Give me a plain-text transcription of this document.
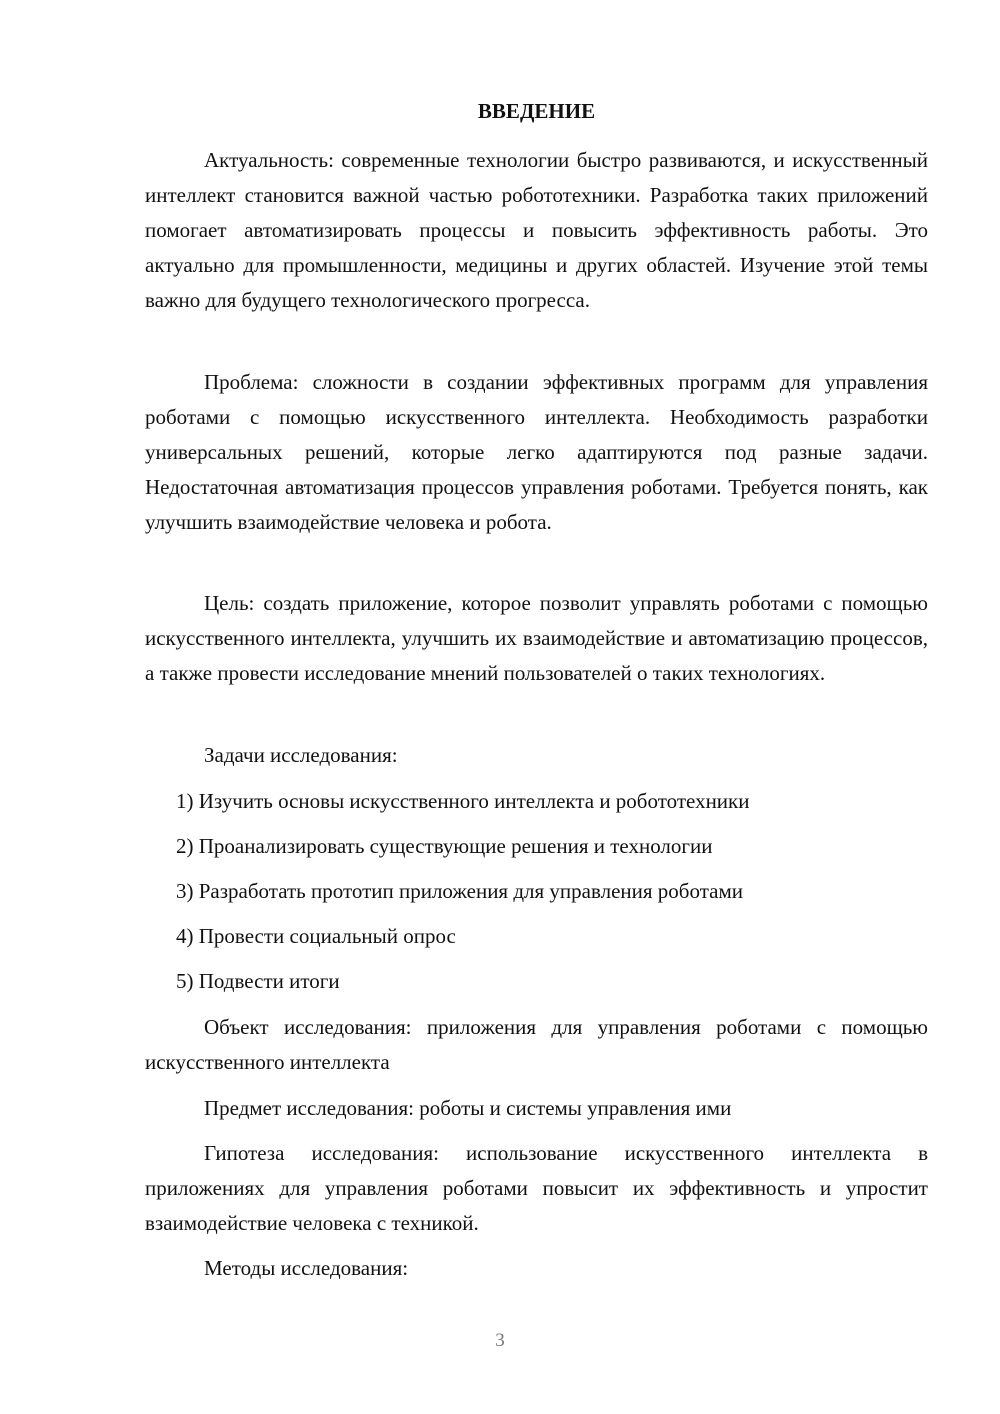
ВВЕДЕНИЕ

Актуальность: современные технологии быстро развиваются, и искусственный интеллект становится важной частью робототехники. Разработка таких приложений помогает автоматизировать процессы и повысить эффективность работы. Это актуально для промышленности, медицины и других областей. Изучение этой темы важно для будущего технологического прогресса.

Проблема: сложности в создании эффективных программ для управления роботами с помощью искусственного интеллекта. Необходимость разработки универсальных решений, которые легко адаптируются под разные задачи. Недостаточная автоматизация процессов управления роботами. Требуется понять, как улучшить взаимодействие человека и робота.

Цель: создать приложение, которое позволит управлять роботами с помощью искусственного интеллекта, улучшить их взаимодействие и автоматизацию процессов, а также провести исследование мнений пользователей о таких технологиях.

Задачи исследования:

1) Изучить основы искусственного интеллекта и робототехники

2) Проанализировать существующие решения и технологии

3) Разработать прототип приложения для управления роботами

4) Провести социальный опрос

5) Подвести итоги

Объект исследования: приложения для управления роботами с помощью искусственного интеллекта

Предмет исследования: роботы и системы управления ими

Гипотеза исследования: использование искусственного интеллекта в приложениях для управления роботами повысит их эффективность и упростит взаимодействие человека с техникой.

Методы исследования:

3
